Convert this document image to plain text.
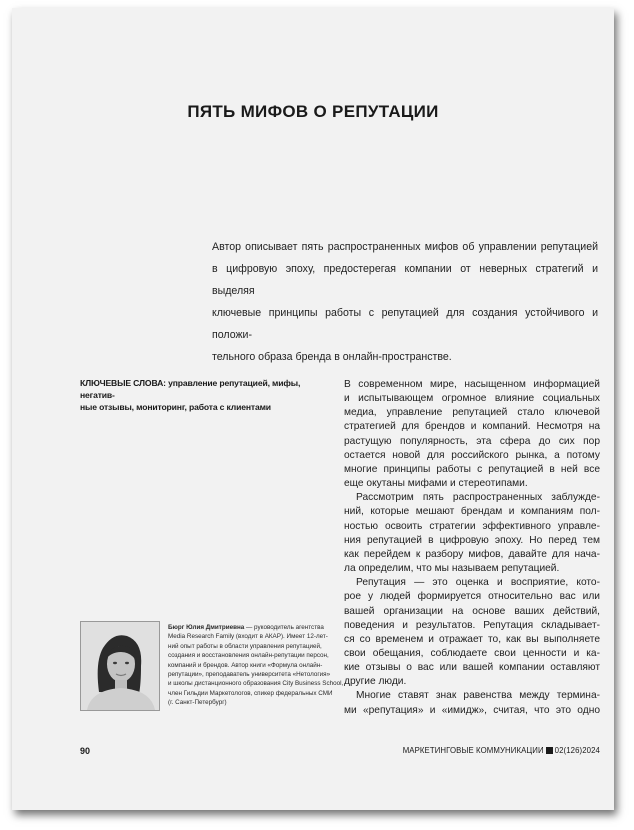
ПЯТЬ МИФОВ О РЕПУТАЦИИ
Автор описывает пять распространенных мифов об управлении репутацией
в цифровую эпоху, предостерегая компании от неверных стратегий и выделяя
ключевые принципы работы с репутацией для создания устойчивого и положи-
тельного образа бренда в онлайн-пространстве.
КЛЮЧЕВЫЕ СЛОВА: управление репутацией, мифы, негатив-
ные отзывы, мониторинг, работа с клиентами
В современном мире, насыщенном информацией
и испытывающем огромное влияние социальных
медиа, управление репутацией стало ключевой
стратегией для брендов и компаний. Несмотря на
растущую популярность, эта сфера до сих пор
остается новой для российского рынка, а потому
многие принципы работы с репутацией в ней все
еще окутаны мифами и стереотипами.
Рассмотрим пять распространенных заблужде-
ний, которые мешают брендам и компаниям пол-
ностью освоить стратегии эффективного управле-
ния репутацией в цифровую эпоху. Но перед тем
как перейдем к разбору мифов, давайте для нача-
ла определим, что мы называем репутацией.
Репутация — это оценка и восприятие, кото-
рое у людей формируется относительно вас или
вашей организации на основе ваших действий,
поведения и результатов. Репутация складывает-
ся со временем и отражает то, как вы выполняете
свои обещания, соблюдаете свои ценности и ка-
кие отзывы о вас или вашей компании оставляют
другие люди.
Многие ставят знак равенства между термина-
ми «репутация» и «имидж», считая, что это одно
Бюрг Юлия Дмитриевна — руководитель агентства
Media Research Family (входит в АКАР). Имеет 12-лет-
ний опыт работы в области управления репутацией,
создания и восстановления онлайн-репутации персон,
компаний и брендов. Автор книги «Формула онлайн-
репутации», преподаватель университета «Нетология»
и школы дистанционного образования City Business School,
член Гильдии Маркетологов, спикер федеральных СМИ
(г. Санкт-Петербург)
90	МАРКЕТИНГОВЫЕ КОММУНИКАЦИИ 02(126)2024
